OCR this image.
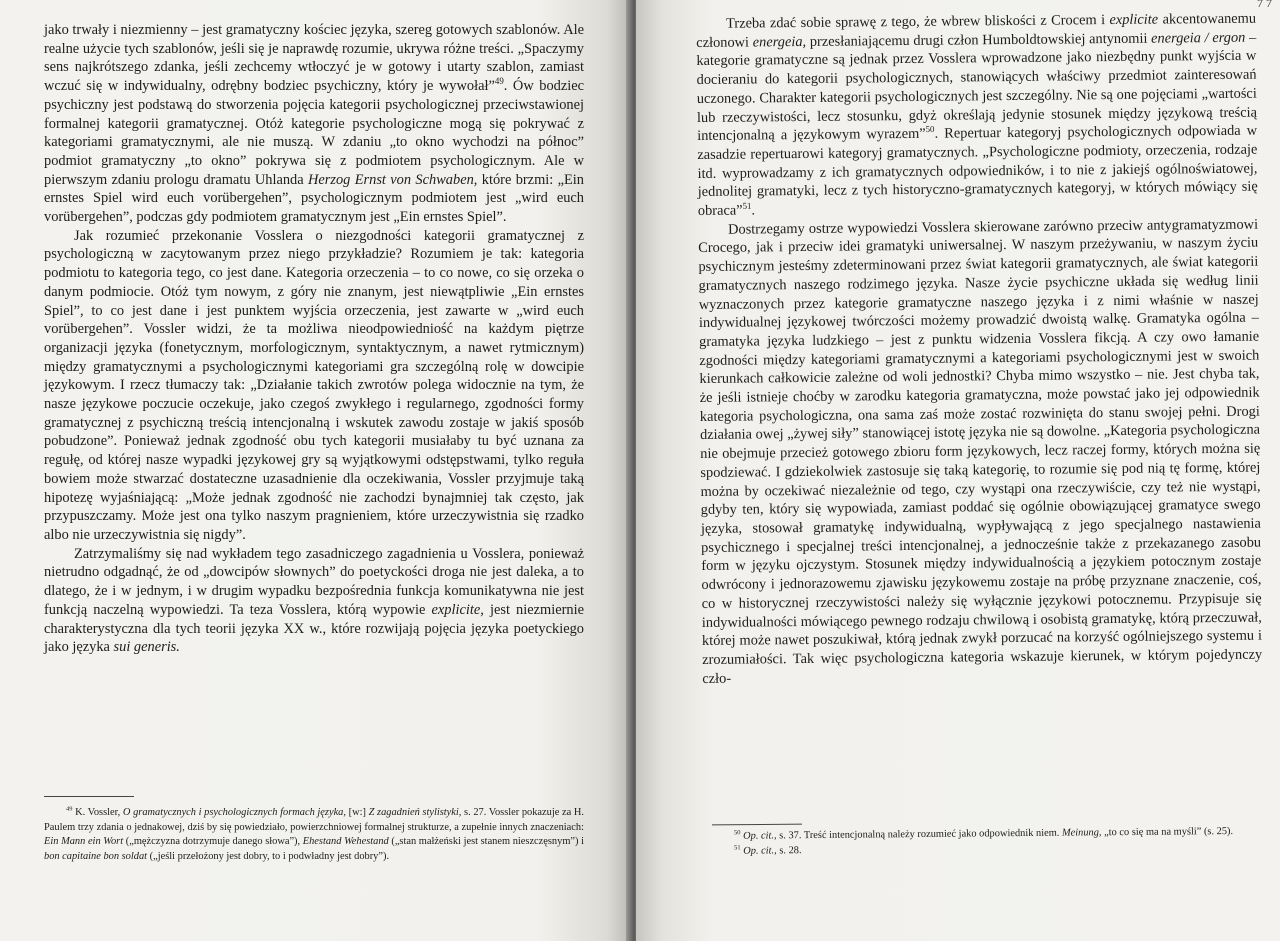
jako trwały i niezmienny – jest gramatyczny kościec języka, szereg gotowych szablonów. Ale realne użycie tych szablonów, jeśli się je naprawdę rozumie, ukrywa różne treści. „Spaczymy sens najkrótszego zdanka, jeśli zechcemy wtłoczyć je w gotowy i utarty szablon, zamiast wczuć się w indywidualny, odrębny bodziec psychiczny, który je wywołał”$^{49}$. Ów bodziec psychiczny jest podstawą do stworzenia pojęcia kategorii psychologicznej przeciwstawionej formalnej kategorii gramatycznej. Otóż kategorie psychologiczne mogą się pokrywać z kategoriami gramatycznymi, ale nie muszą. W zdaniu „to okno wychodzi na północ” podmiot gramatyczny „to okno” pokrywa się z podmiotem psychologicznym. Ale w pierwszym zdaniu prologu dramatu Uhlanda Herzog Ernst von Schwaben, które brzmi: „Ein ernstes Spiel wird euch vorübergehen”, psychologicznym podmiotem jest „wird euch vorübergehen”, podczas gdy podmiotem gramatycznym jest „Ein ernstes Spiel”.

Jak rozumieć przekonanie Vosslera o niezgodności kategorii gramatycznej z psychologiczną w zacytowanym przez niego przykładzie? Rozumiem je tak: kategoria podmiotu to kategoria tego, co jest dane. Kategoria orzeczenia – to co nowe, co się orzeka o danym podmiocie. Otóż tym nowym, z góry nie znanym, jest niewątpliwie „Ein ernstes Spiel”, to co jest dane i jest punktem wyjścia orzeczenia, jest zawarte w „wird euch vorübergehen”. Vossler widzi, że ta możliwa nieodpowiedniość na każdym piętrze organizacji języka (fonetycznym, morfologicznym, syntaktycznym, a nawet rytmicznym) między gramatycznymi a psychologicznymi kategoriami gra szczególną rolę w dowcipie językowym. I rzecz tłumaczy tak: „Działanie takich zwrotów polega widocznie na tym, że nasze językowe poczucie oczekuje, jako czegoś zwykłego i regularnego, zgodności formy gramatycznej z psychiczną treścią intencjonalną i wskutek zawodu zostaje w jakiś sposób pobudzone”. Ponieważ jednak zgodność obu tych kategorii musiałaby tu być uznana za regułę, od której nasze wypadki językowej gry są wyjątkowymi odstępstwami, tylko reguła bowiem może stwarzać dostateczne uzasadnienie dla oczekiwania, Vossler przyjmuje taką hipotezę wyjaśniającą: „Może jednak zgodność nie zachodzi bynajmniej tak często, jak przypuszczamy. Może jest ona tylko naszym pragnieniem, które urzeczywistnia się rzadko albo nie urzeczywistnia się nigdy”.

Zatrzymaliśmy się nad wykładem tego zasadniczego zagadnienia u Vosslera, ponieważ nietrudno odgadnąć, że od „dowcipów słownych” do poetyckości droga nie jest daleka, a to dlatego, że i w jednym, i w drugim wypadku bezpośrednia funkcja komunikatywna nie jest funkcją naczelną wypowiedzi. Ta teza Vosslera, którą wypowie explicite, jest niezmiernie charakterystyczna dla tych teorii języka XX w., które rozwijają pojęcia języka poetyckiego jako języka sui generis.

$^{49}$ K. Vossler, O gramatycznych i psychologicznych formach języka, [w:] Z zagadnień stylistyki, s. 27. Vossler pokazuje za H. Paulem trzy zdania o jednakowej, dziś by się powiedziało, powierzchniowej formalnej strukturze, a zupełnie innych znaczeniach: Ein Mann ein Wort („mężczyzna dotrzymuje danego słowa”), Ehestand Wehestand („stan małżeński jest stanem nieszczęsnym”) i bon capitaine bon soldat („jeśli przełożony jest dobry, to i podwładny jest dobry”).

7 7

Trzeba zdać sobie sprawę z tego, że wbrew bliskości z Crocem i explicite akcentowanemu członowi energeia, przesłaniającemu drugi człon Humboldtowskiej antynomii energeia / ergon – kategorie gramatyczne są jednak przez Vosslera wprowadzone jako niezbędny punkt wyjścia w docieraniu do kategorii psychologicznych, stanowiących właściwy przedmiot zainteresowań uczonego. Charakter kategorii psychologicznych jest szczególny. Nie są one pojęciami „wartości lub rzeczywistości, lecz stosunku, gdyż określają jedynie stosunek między językową treścią intencjonalną a językowym wyrazem”$^{50}$. Repertuar kategoryj psychologicznych odpowiada w zasadzie repertuarowi kategoryj gramatycznych. „Psychologiczne podmioty, orzeczenia, rodzaje itd. wyprowadzamy z ich gramatycznych odpowiedników, i to nie z jakiejś ogólnoświatowej, jednolitej gramatyki, lecz z tych historyczno-gramatycznych kategoryj, w których mówiący się obraca”$^{51}$.

Dostrzegamy ostrze wypowiedzi Vosslera skierowane zarówno przeciw antygramatyzmowi Crocego, jak i przeciw idei gramatyki uniwersalnej. W naszym przeżywaniu, w naszym życiu psychicznym jesteśmy zdeterminowani przez świat kategorii gramatycznych, ale świat kategorii gramatycznych naszego rodzimego języka. Nasze życie psychiczne układa się według linii wyznaczonych przez kategorie gramatyczne naszego języka i z nimi właśnie w naszej indywidualnej językowej twórczości możemy prowadzić dwoistą walkę. Gramatyka ogólna – gramatyka języka ludzkiego – jest z punktu widzenia Vosslera fikcją. A czy owo łamanie zgodności między kategoriami gramatycznymi a kategoriami psychologicznymi jest w swoich kierunkach całkowicie zależne od woli jednostki? Chyba mimo wszystko – nie. Jest chyba tak, że jeśli istnieje choćby w zarodku kategoria gramatyczna, może powstać jako jej odpowiednik kategoria psychologiczna, ona sama zaś może zostać rozwinięta do stanu swojej pełni. Drogi działania owej „żywej siły” stanowiącej istotę języka nie są dowolne. „Kategoria psychologiczna nie obejmuje przecież gotowego zbioru form językowych, lecz raczej formy, których można się spodziewać. I gdziekolwiek zastosuje się taką kategorię, to rozumie się pod nią tę formę, której można by oczekiwać niezależnie od tego, czy wystąpi ona rzeczywiście, czy też nie wystąpi, gdyby ten, który się wypowiada, zamiast poddać się ogólnie obowiązującej gramatyce swego języka, stosował gramatykę indywidualną, wypływającą z jego specjalnego nastawienia psychicznego i specjalnej treści intencjonalnej, a jednocześnie także z przekazanego zasobu form w języku ojczystym. Stosunek między indywidualnością a językiem potocznym zostaje odwrócony i jednorazowemu zjawisku językowemu zostaje na próbę przyznane znaczenie, coś, co w historycznej rzeczywistości należy się wyłącznie językowi potocznemu. Przypisuje się indywidualności mówiącego pewnego rodzaju chwilową i osobistą gramatykę, którą przeczuwał, której może nawet poszukiwał, którą jednak zwykł porzucać na korzyść ogólniejszego systemu i zrozumiałości. Tak więc psychologiczna kategoria wskazuje kierunek, w którym pojedynczy czło-

$^{50}$ Op. cit., s. 37. Treść intencjonalną należy rozumieć jako odpowiednik niem. Meinung, „to co się ma na myśli” (s. 25).

$^{51}$ Op. cit., s. 28.
